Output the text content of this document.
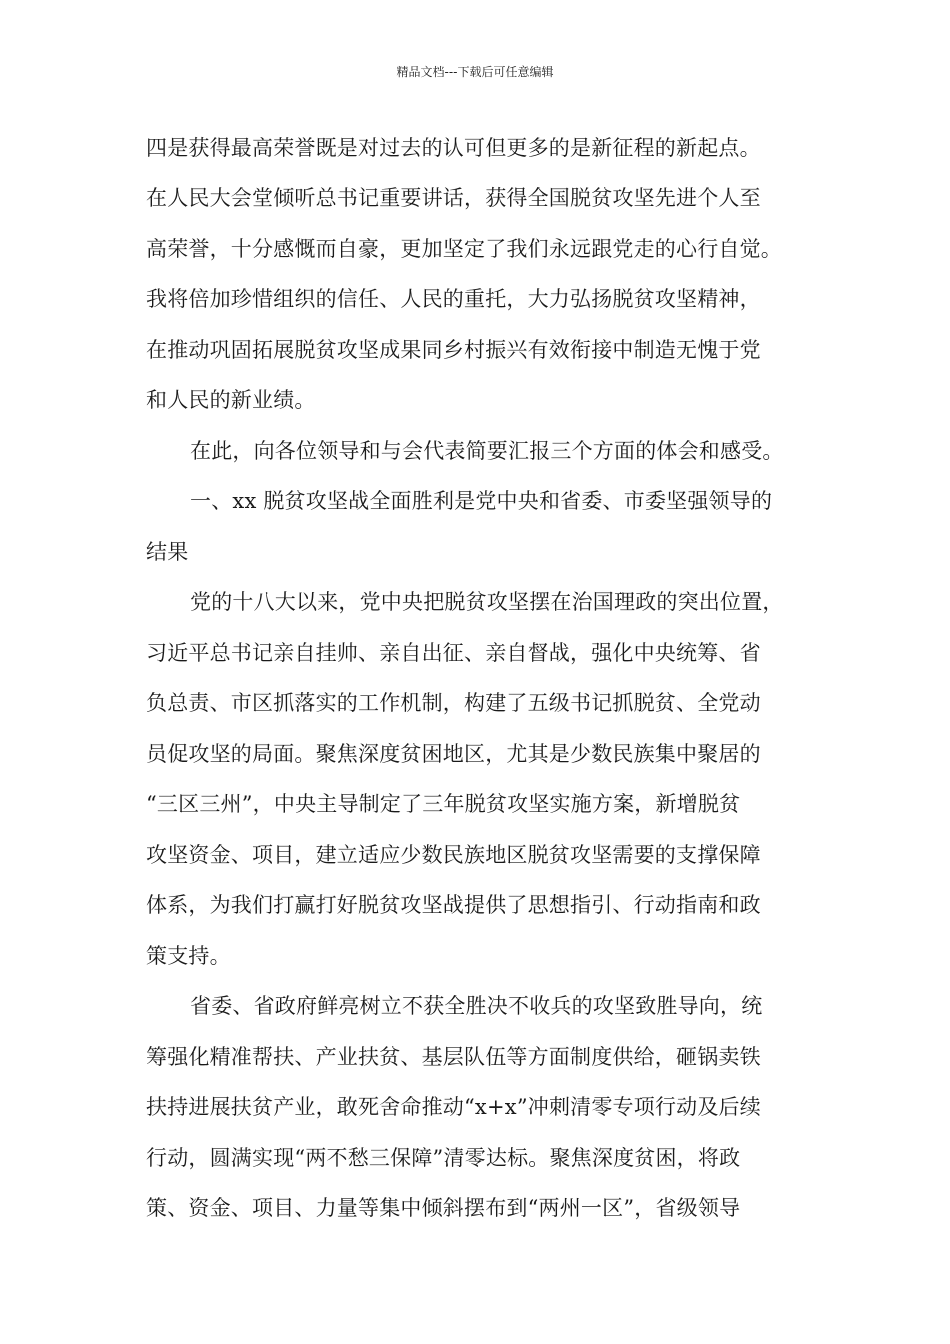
精品文档---下载后可任意编辑
四是获得最高荣誉既是对过去的认可但更多的是新征程的新起点。
在人民大会堂倾听总书记重要讲话，获得全国脱贫攻坚先进个人至
高荣誉，十分感慨而自豪，更加坚定了我们永远跟党走的心行自觉。
我将倍加珍惜组织的信任、人民的重托，大力弘扬脱贫攻坚精神，
在推动巩固拓展脱贫攻坚成果同乡村振兴有效衔接中制造无愧于党
和人民的新业绩。
在此，向各位领导和与会代表简要汇报三个方面的体会和感受。
一、xx 脱贫攻坚战全面胜利是党中央和省委、市委坚强领导的
结果
党的十八大以来，党中央把脱贫攻坚摆在治国理政的突出位置，
习近平总书记亲自挂帅、亲自出征、亲自督战，强化中央统筹、省
负总责、市区抓落实的工作机制，构建了五级书记抓脱贫、全党动
员促攻坚的局面。聚焦深度贫困地区，尤其是少数民族集中聚居的
“三区三州”，中央主导制定了三年脱贫攻坚实施方案，新增脱贫
攻坚资金、项目，建立适应少数民族地区脱贫攻坚需要的支撑保障
体系，为我们打赢打好脱贫攻坚战提供了思想指引、行动指南和政
策支持。
省委、省政府鲜亮树立不获全胜决不收兵的攻坚致胜导向，统
筹强化精准帮扶、产业扶贫、基层队伍等方面制度供给，砸锅卖铁
扶持进展扶贫产业，敢死舍命推动“x+x”冲刺清零专项行动及后续
行动，圆满实现“两不愁三保障”清零达标。聚焦深度贫困，将政
策、资金、项目、力量等集中倾斜摆布到“两州一区”，省级领导
